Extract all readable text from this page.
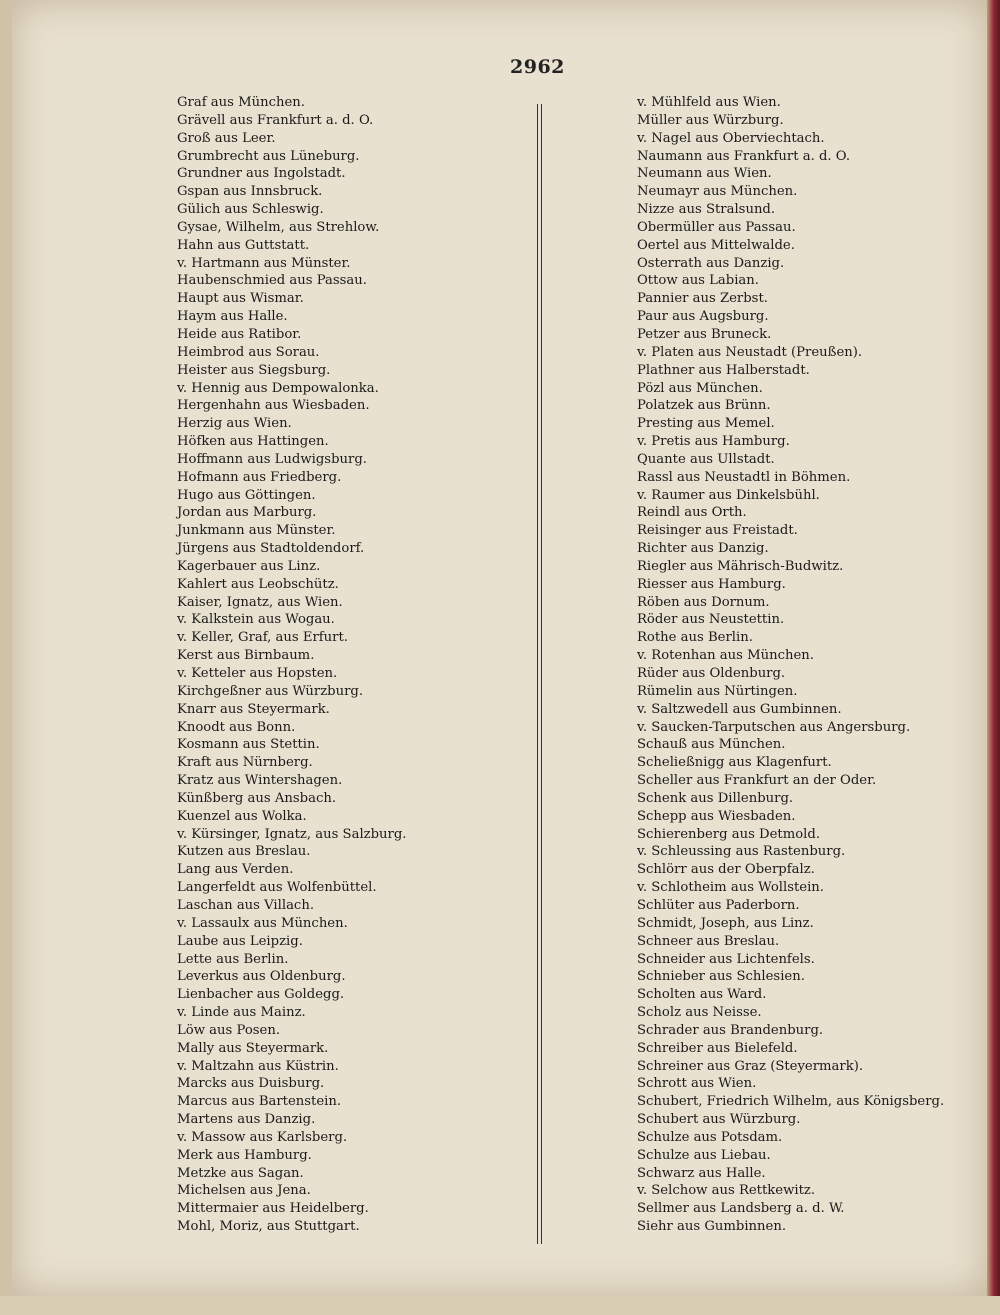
2962
Graf aus München.
Grävell aus Frankfurt a. d. O.
Groß aus Leer.
Grumbrecht aus Lüneburg.
Grundner aus Ingolstadt.
Gspan aus Innsbruck.
Gülich aus Schleswig.
Gysae, Wilhelm, aus Strehlow.
Hahn aus Guttstatt.
v. Hartmann aus Münster.
Haubenschmied aus Passau.
Haupt aus Wismar.
Haym aus Halle.
Heide aus Ratibor.
Heimbrod aus Sorau.
Heister aus Siegsburg.
v. Hennig aus Dempowalonka.
Hergenhahn aus Wiesbaden.
Herzig aus Wien.
Höfken aus Hattingen.
Hoffmann aus Ludwigsburg.
Hofmann aus Friedberg.
Hugo aus Göttingen.
Jordan aus Marburg.
Junkmann aus Münster.
Jürgens aus Stadtoldendorf.
Kagerbauer aus Linz.
Kahlert aus Leobschütz.
Kaiser, Ignatz, aus Wien.
v. Kalkstein aus Wogau.
v. Keller, Graf, aus Erfurt.
Kerst aus Birnbaum.
v. Ketteler aus Hopsten.
Kirchgeßner aus Würzburg.
Knarr aus Steyermark.
Knoodt aus Bonn.
Kosmann aus Stettin.
Kraft aus Nürnberg.
Kratz aus Wintershagen.
Künßberg aus Ansbach.
Kuenzel aus Wolka.
v. Kürsinger, Ignatz, aus Salzburg.
Kutzen aus Breslau.
Lang aus Verden.
Langerfeldt aus Wolfenbüttel.
Laschan aus Villach.
v. Lassaulx aus München.
Laube aus Leipzig.
Lette aus Berlin.
Leverkus aus Oldenburg.
Lienbacher aus Goldegg.
v. Linde aus Mainz.
Löw aus Posen.
Mally aus Steyermark.
v. Maltzahn aus Küstrin.
Marcks aus Duisburg.
Marcus aus Bartenstein.
Martens aus Danzig.
v. Massow aus Karlsberg.
Merk aus Hamburg.
Metzke aus Sagan.
Michelsen aus Jena.
Mittermaier aus Heidelberg.
Mohl, Moriz, aus Stuttgart.
v. Mühlfeld aus Wien.
Müller aus Würzburg.
v. Nagel aus Oberviechtach.
Naumann aus Frankfurt a. d. O.
Neumann aus Wien.
Neumayr aus München.
Nizze aus Stralsund.
Obermüller aus Passau.
Oertel aus Mittelwalde.
Osterrath aus Danzig.
Ottow aus Labian.
Pannier aus Zerbst.
Paur aus Augsburg.
Petzer aus Bruneck.
v. Platen aus Neustadt (Preußen).
Plathner aus Halberstadt.
Pözl aus München.
Polatzek aus Brünn.
Presting aus Memel.
v. Pretis aus Hamburg.
Quante aus Ullstadt.
Rassl aus Neustadtl in Böhmen.
v. Raumer aus Dinkelsbühl.
Reindl aus Orth.
Reisinger aus Freistadt.
Richter aus Danzig.
Riegler aus Mährisch-Budwitz.
Riesser aus Hamburg.
Röben aus Dornum.
Röder aus Neustettin.
Rothe aus Berlin.
v. Rotenhan aus München.
Rüder aus Oldenburg.
Rümelin aus Nürtingen.
v. Saltzwedell aus Gumbinnen.
v. Saucken-Tarputschen aus Angersburg.
Schauß aus München.
Scheließnigg aus Klagenfurt.
Scheller aus Frankfurt an der Oder.
Schenk aus Dillenburg.
Schepp aus Wiesbaden.
Schierenberg aus Detmold.
v. Schleussing aus Rastenburg.
Schlörr aus der Oberpfalz.
v. Schlotheim aus Wollstein.
Schlüter aus Paderborn.
Schmidt, Joseph, aus Linz.
Schneer aus Breslau.
Schneider aus Lichtenfels.
Schnieber aus Schlesien.
Scholten aus Ward.
Scholz aus Neisse.
Schrader aus Brandenburg.
Schreiber aus Bielefeld.
Schreiner aus Graz (Steyermark).
Schrott aus Wien.
Schubert, Friedrich Wilhelm, aus Königsberg.
Schubert aus Würzburg.
Schulze aus Potsdam.
Schulze aus Liebau.
Schwarz aus Halle.
v. Selchow aus Rettkewitz.
Sellmer aus Landsberg a. d. W.
Siehr aus Gumbinnen.
